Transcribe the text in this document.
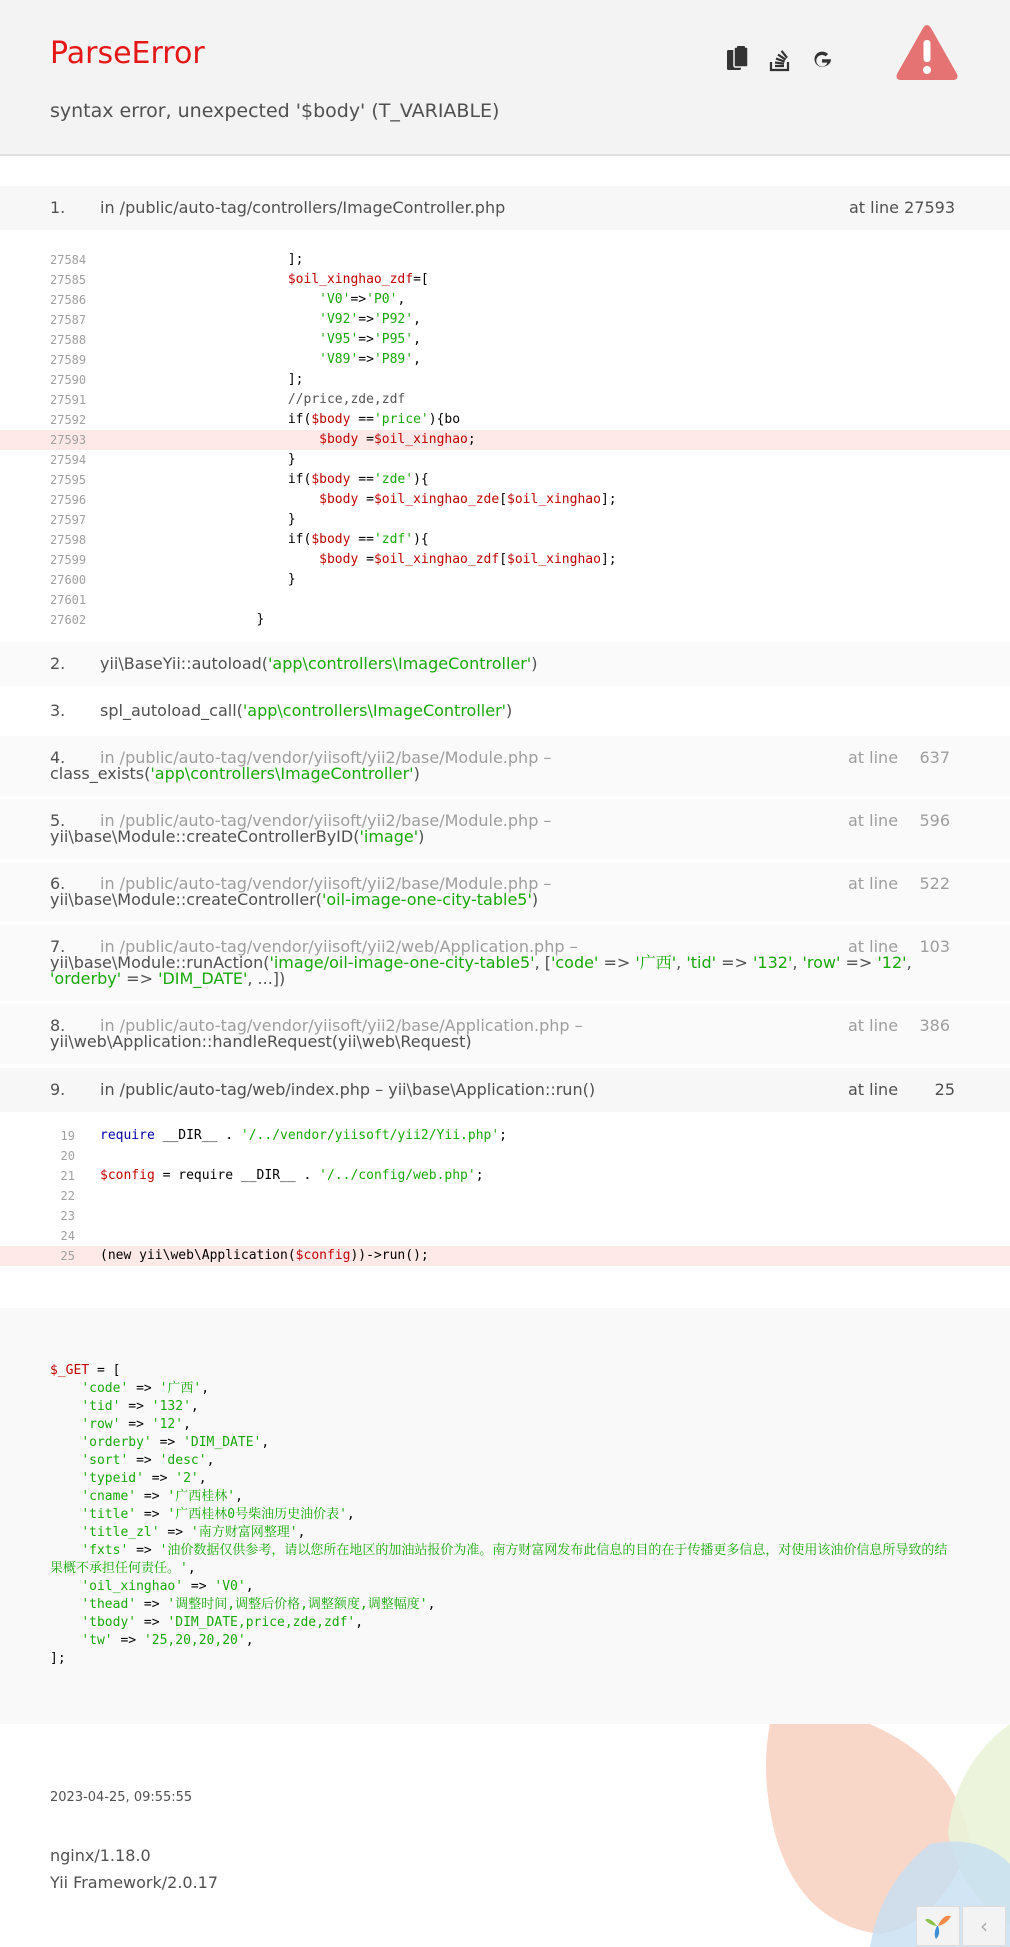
ParseError
syntax error, unexpected '$body' (T_VARIABLE)
1. in /public/auto-tag/controllers/ImageController.php	at line 27593
27584 ];
27585	$oil_xinghao_zdf=[
27586	'V0'=>'P0',
27587	'V92'=>'P92',
27588	'V95'=>'P95',
27589	'V89'=>'P89',
27590 ];
27591	//price,zde,zdf
27592 if($body =='price'){bo
27593	$body =$oil_xinghao;
27594 }
27595 if($body =='zde'){
27596	$body =$oil_xinghao_zde[$oil_xinghao];
27597 }
27598 if($body =='zdf'){
27599	$body =$oil_xinghao_zdf[$oil_xinghao];
27600 }
27601
27602 }
2. yii\BaseYii::autoload('app\controllers\ImageController')
3. spl_autoload_call('app\controllers\ImageController')
4. in /public/auto-tag/vendor/yiisoft/yii2/base/Module.php –	at line 637
class_exists('app\controllers\ImageController')
5. in /public/auto-tag/vendor/yiisoft/yii2/base/Module.php –	at line 596
yii\base\Module::createControllerByID('image')
6. in /public/auto-tag/vendor/yiisoft/yii2/base/Module.php –	at line 522
yii\base\Module::createController('oil-image-one-city-table5')
7. in /public/auto-tag/vendor/yiisoft/yii2/web/Application.php –	at line 103
yii\base\Module::runAction('image/oil-image-one-city-table5', ['code' => '广西', 'tid' => '132', 'row' => '12',
'orderby' => 'DIM_DATE', ...])
8. in /public/auto-tag/vendor/yiisoft/yii2/base/Application.php –	at line 386
yii\web\Application::handleRequest(yii\web\Request)
9. in /public/auto-tag/web/index.php – yii\base\Application::run()	at line 25
19 require __DIR__ . '/../vendor/yiisoft/yii2/Yii.php';
20
21 $config = require __DIR__ . '/../config/web.php';
22
23
24
25 (new yii\web\Application($config))->run();
$_GET = [
'code' => '广西',
'tid' => '132',
'row' => '12',
'orderby' => 'DIM_DATE',
'sort' => 'desc',
'typeid' => '2',
'cname' => '广西桂林',
'title' => '广西桂林0号柴油历史油价表',
'title_zl' => '南方财富网整理',
'fxts' => '油价数据仅供参考，请以您所在地区的加油站报价为准。南方财富网发布此信息的目的在于传播更多信息，对使用该油价信息所导致的结果概不承担任何责任。',
'oil_xinghao' => 'V0',
'thead' => '调整时间,调整后价格,调整额度,调整幅度',
'tbody' => 'DIM_DATE,price,zde,zdf',
'tw' => '25,20,20,20',
];
2023-04-25, 09:55:55
nginx/1.18.0
Yii Framework/2.0.17
‹
